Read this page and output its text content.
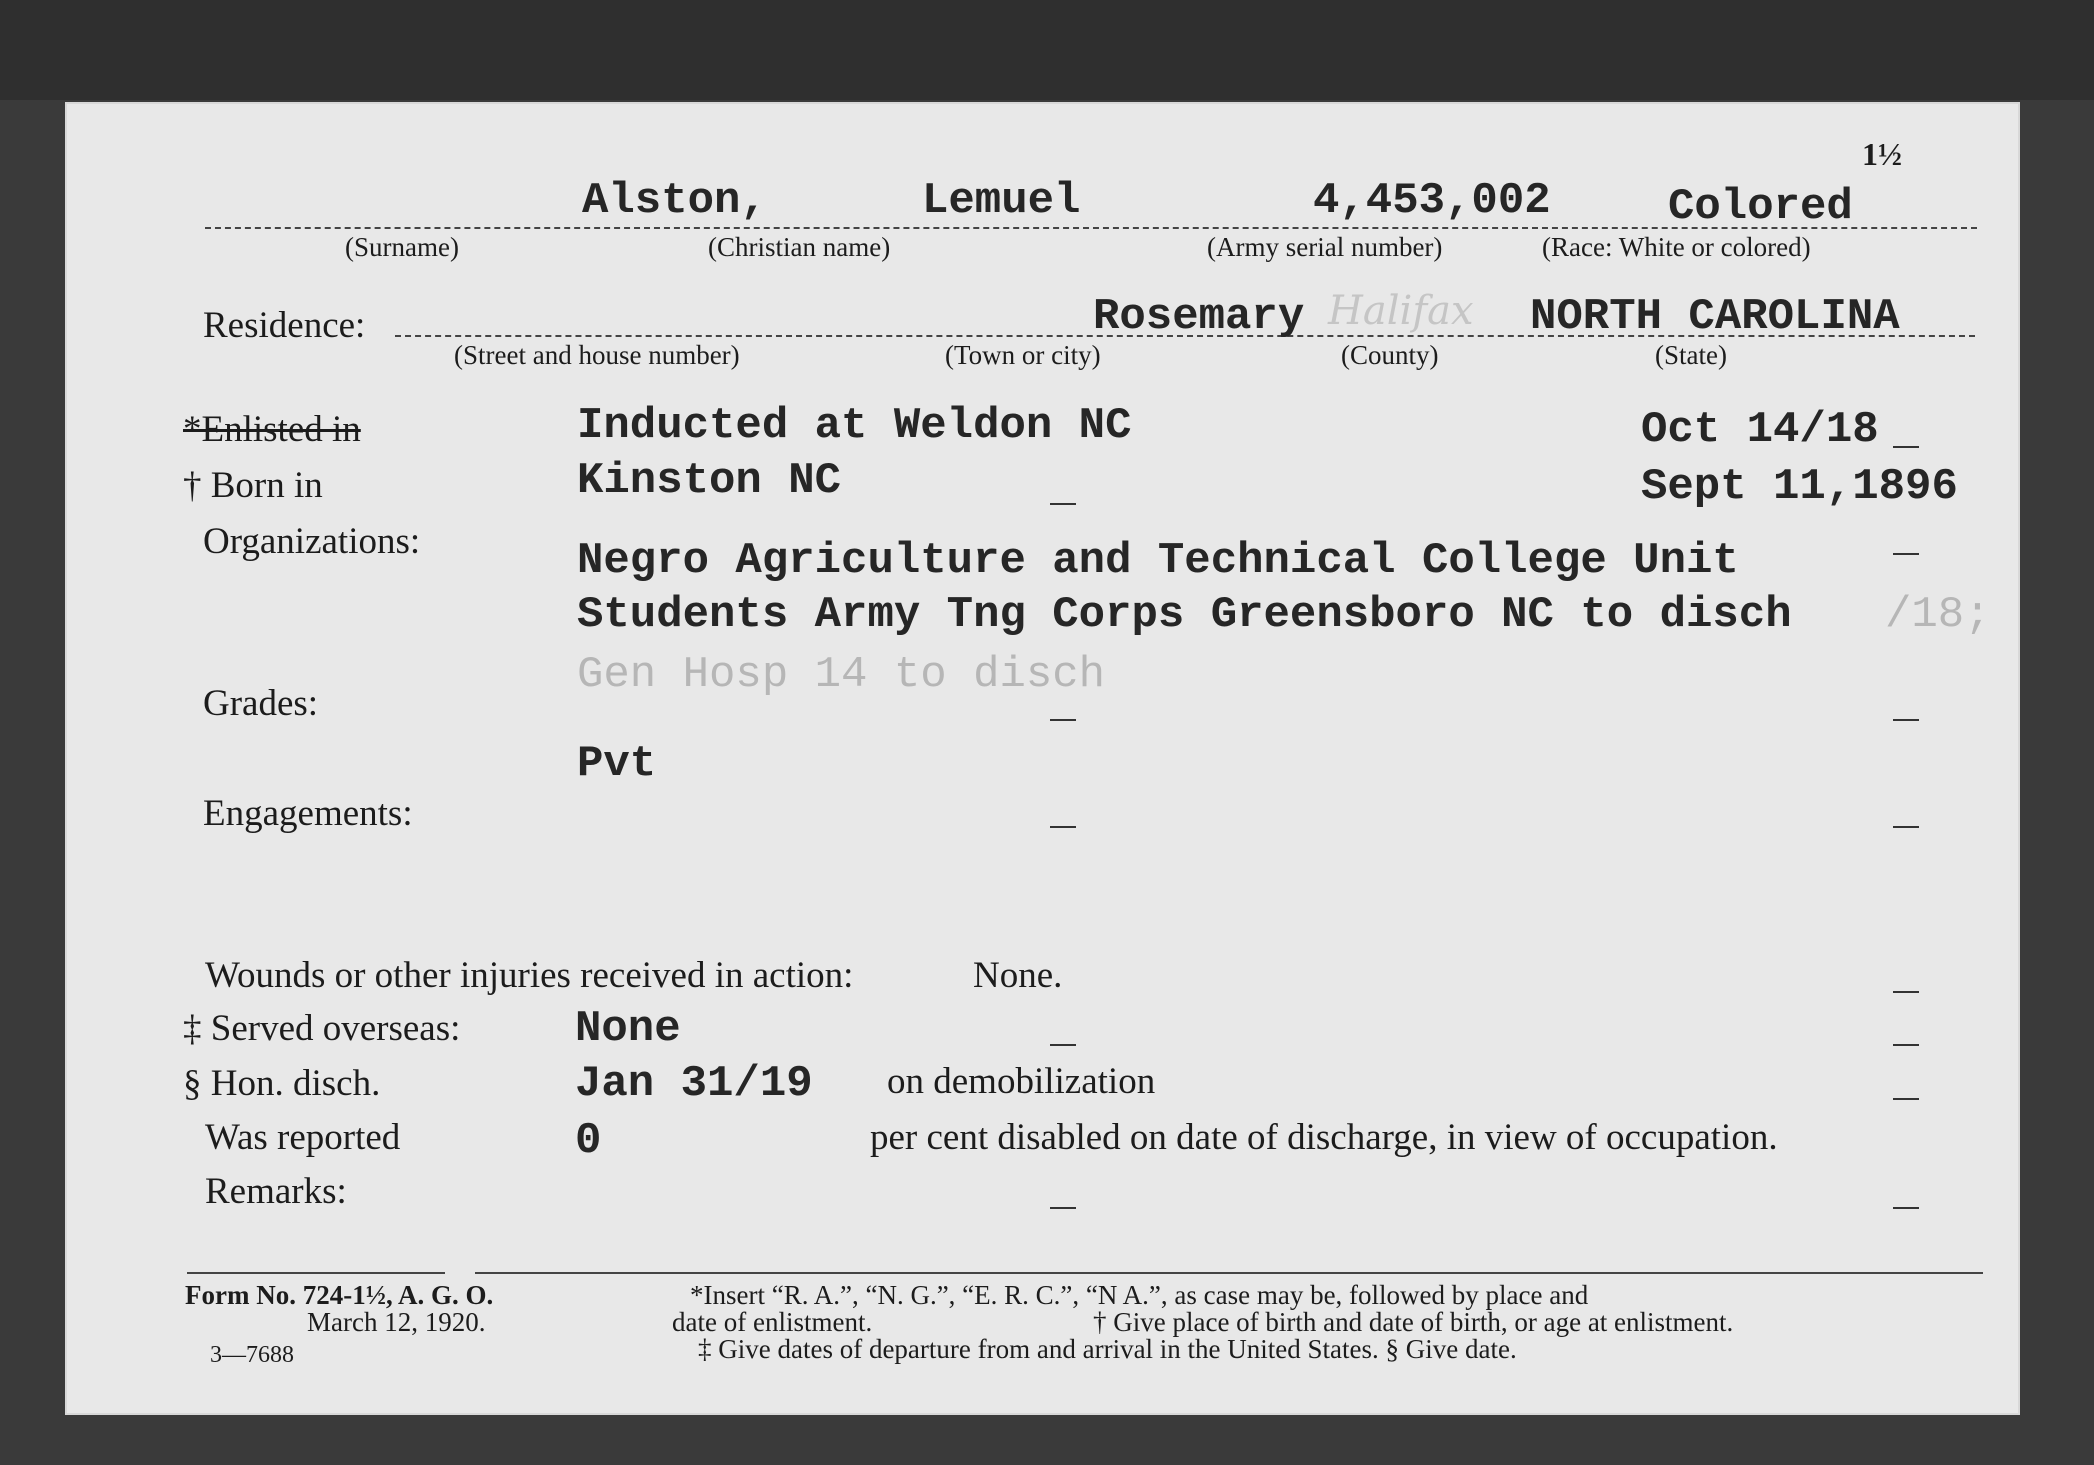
1½
Alston,	Lemuel	4,453,002	Colored
(Surname)	(Christian name)	(Army serial number)	(Race: White or colored)
Residence:	Rosemary Halifax NORTH CAROLINA
(Street and house number)	(Town or city)	(County)	(State)
*Enlisted in	Inducted at Weldon NC	Oct 14/18
† Born in	Kinston NC	Sept 11,1896
Organizations:	Negro Agriculture and Technical College Unit
Students Army Tng Corps Greensboro NC to disch /18;
Gen Hosp 14 to disch
Grades:
Pvt
Engagements:
Wounds or other injuries received in action:	None.
‡ Served overseas:	None
§ Hon. disch.	Jan 31/19 on demobilization
Was reported	0	per cent disabled on date of discharge, in view of occupation.
Remarks:
Form No. 724-1½, A. G. O.
March 12, 1920.
3—7688
*Insert “R. A.”, “N. G.”, “E. R. C.”, “N A.”, as case may be, followed by place and
date of enlistment.	† Give place of birth and date of birth, or age at enlistment.
‡ Give dates of departure from and arrival in the United States. § Give date.
